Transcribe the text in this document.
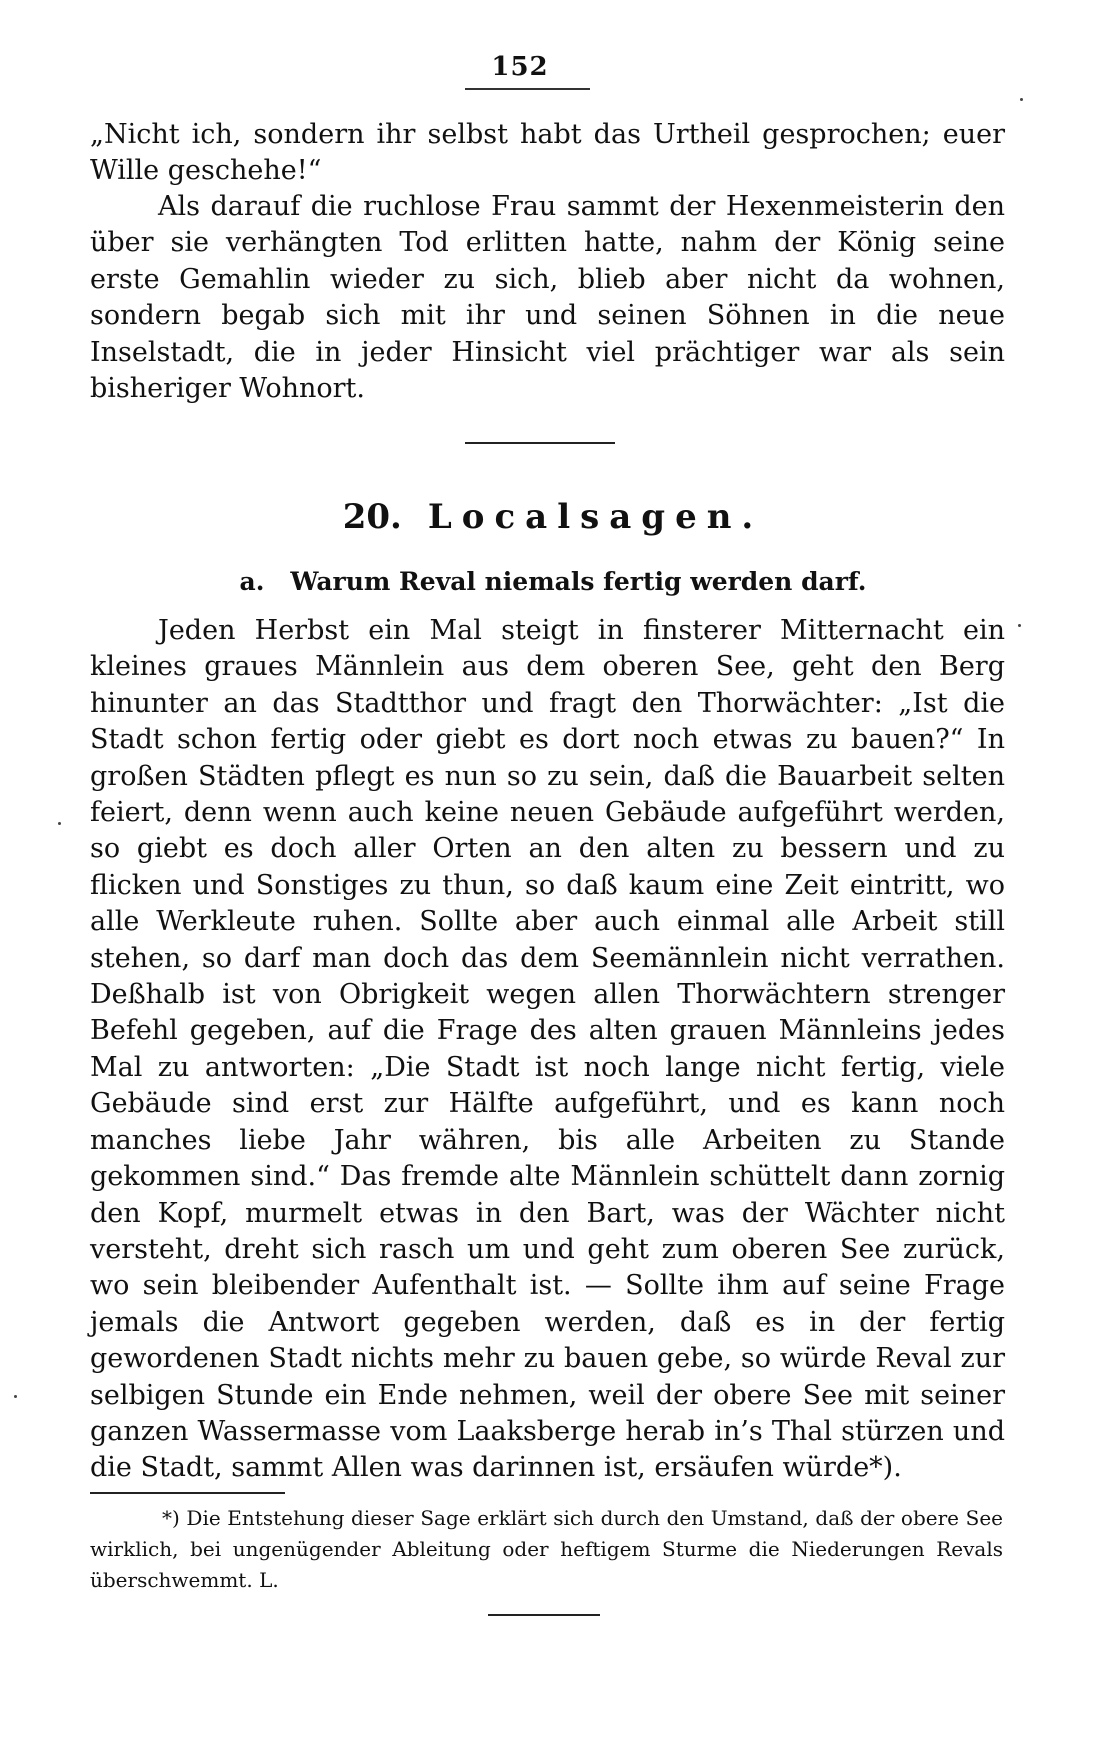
152

„Nicht ich, sondern ihr selbst habt das Urtheil gesprochen; euer Wille geschehe!“

Als darauf die ruchlose Frau sammt der Hexenmeisterin den über sie verhängten Tod erlitten hatte, nahm der König seine erste Gemahlin wieder zu sich, blieb aber nicht da wohnen, sondern begab sich mit ihr und seinen Söhnen in die neue Inselstadt, die in jeder Hinsicht viel prächtiger war als sein bisheriger Wohnort.

20. Localsagen.
a. Warum Reval niemals fertig werden darf.

Jeden Herbst ein Mal steigt in finsterer Mitternacht ein kleines graues Männlein aus dem oberen See, geht den Berg hinunter an das Stadtthor und fragt den Thorwächter: „Ist die Stadt schon fertig oder giebt es dort noch etwas zu bauen?“ In großen Städten pflegt es nun so zu sein, daß die Bauarbeit selten feiert, denn wenn auch keine neuen Gebäude aufgeführt werden, so giebt es doch aller Orten an den alten zu bessern und zu flicken und Sonstiges zu thun, so daß kaum eine Zeit eintritt, wo alle Werkleute ruhen. Sollte aber auch einmal alle Arbeit still stehen, so darf man doch das dem Seemännlein nicht verrathen. Deßhalb ist von Obrigkeit wegen allen Thorwächtern strenger Befehl gegeben, auf die Frage des alten grauen Männleins jedes Mal zu antworten: „Die Stadt ist noch lange nicht fertig, viele Gebäude sind erst zur Hälfte aufgeführt, und es kann noch manches liebe Jahr währen, bis alle Arbeiten zu Stande gekommen sind.“ Das fremde alte Männlein schüttelt dann zornig den Kopf, murmelt etwas in den Bart, was der Wächter nicht versteht, dreht sich rasch um und geht zum oberen See zurück, wo sein bleibender Aufenthalt ist. — Sollte ihm auf seine Frage jemals die Antwort gegeben werden, daß es in der fertig gewordenen Stadt nichts mehr zu bauen gebe, so würde Reval zur selbigen Stunde ein Ende nehmen, weil der obere See mit seiner ganzen Wassermasse vom Laaksberge herab in’s Thal stürzen und die Stadt, sammt Allen was darinnen ist, ersäufen würde*).

*) Die Entstehung dieser Sage erklärt sich durch den Umstand, daß der obere See wirklich, bei ungenügender Ableitung oder heftigem Sturme die Niederungen Revals überschwemmt. L.
